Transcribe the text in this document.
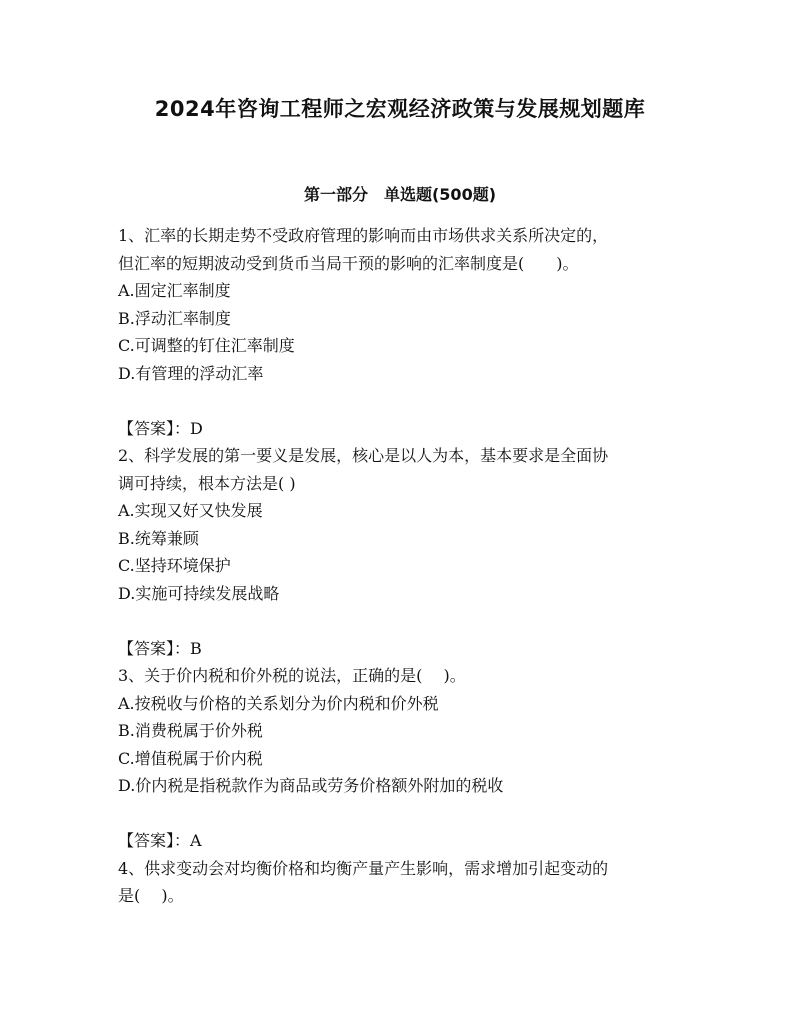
2024年咨询工程师之宏观经济政策与发展规划题库
第一部分　单选题(500题)

1、汇率的长期走势不受政府管理的影响而由市场供求关系所决定的，

但汇率的短期波动受到货币当局干预的影响的汇率制度是(　　)。

A.固定汇率制度

B.浮动汇率制度

C.可调整的钉住汇率制度

D.有管理的浮动汇率

【答案】：D

2、科学发展的第一要义是发展，核心是以人为本，基本要求是全面协

调可持续，根本方法是( )

A.实现又好又快发展

B.统筹兼顾

C.坚持环境保护

D.实施可持续发展战略

【答案】：B

3、关于价内税和价外税的说法，正确的是(　 )。

A.按税收与价格的关系划分为价内税和价外税

B.消费税属于价外税

C.增值税属于价内税

D.价内税是指税款作为商品或劳务价格额外附加的税收

【答案】：A

4、供求变动会对均衡价格和均衡产量产生影响，需求增加引起变动的

是(　 )。
